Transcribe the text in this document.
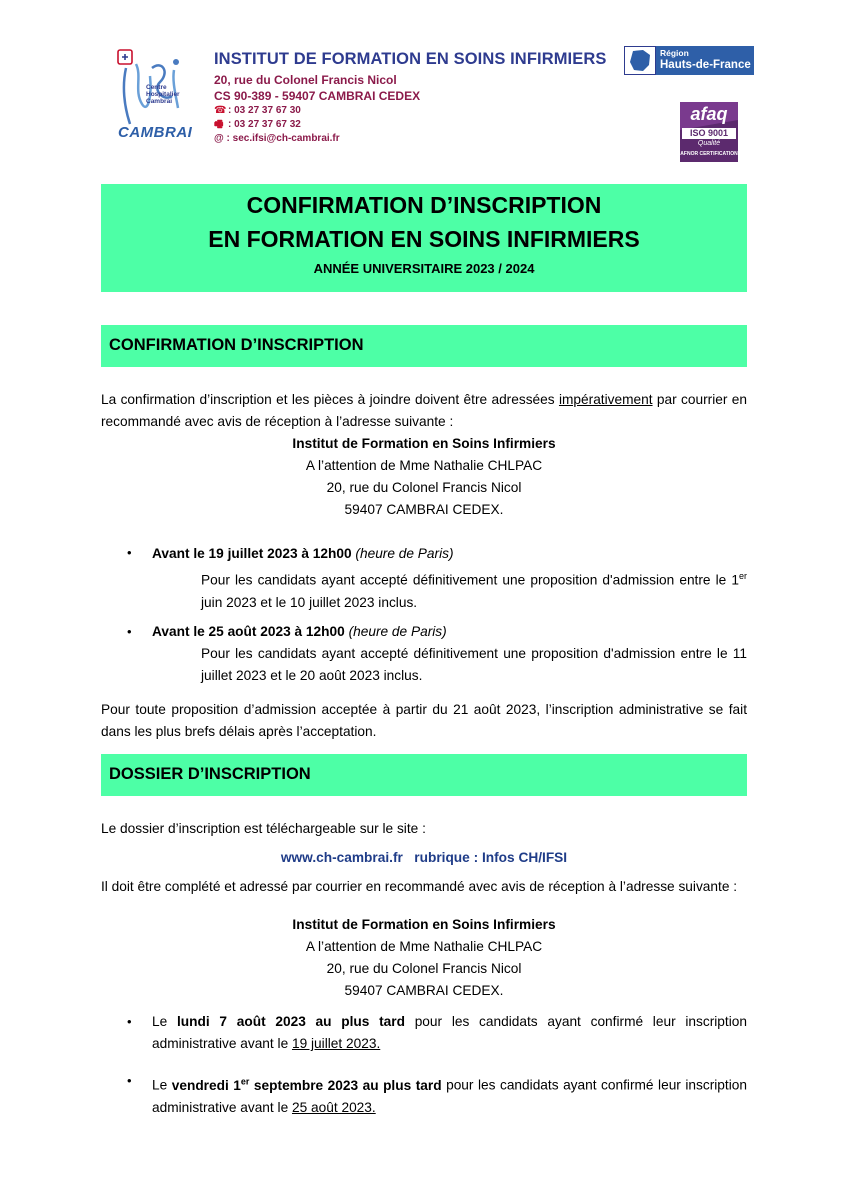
Centre Hospitalier Cambrai
CAMBRAI
INSTITUT DE FORMATION EN SOINS INFIRMIERS
20, rue du Colonel Francis Nicol
CS 90-389 - 59407 CAMBRAI CEDEX
☎ : 03 27 37 67 30
🖷 : 03 27 37 67 32
@ : sec.ifsi@ch-cambrai.fr
Région
Hauts-de-France
afaq
ISO 9001
Qualité
AFNOR CERTIFICATION
CONFIRMATION D’INSCRIPTION
EN FORMATION EN SOINS INFIRMIERS
ANNÉE UNIVERSITAIRE 2023 / 2024
CONFIRMATION D’INSCRIPTION
La confirmation d’inscription et les pièces à joindre doivent être adressées impérativement par courrier en recommandé avec avis de réception à l’adresse suivante :
Institut de Formation en Soins Infirmiers
A l’attention de Mme Nathalie CHLPAC
20, rue du Colonel Francis Nicol
59407 CAMBRAI CEDEX.
• Avant le 19 juillet 2023 à 12h00 (heure de Paris)
Pour les candidats ayant accepté définitivement une proposition d'admission entre le 1er juin 2023 et le 10 juillet 2023 inclus.
• Avant le 25 août 2023 à 12h00 (heure de Paris)
Pour les candidats ayant accepté définitivement une proposition d'admission entre le 11 juillet 2023 et le 20 août 2023 inclus.
Pour toute proposition d’admission acceptée à partir du 21 août 2023, l’inscription administrative se fait dans les plus brefs délais après l’acceptation.
DOSSIER D’INSCRIPTION
Le dossier d’inscription est téléchargeable sur le site :
www.ch-cambrai.fr rubrique : Infos CH/IFSI
Il doit être complété et adressé par courrier en recommandé avec avis de réception à l’adresse suivante :
Institut de Formation en Soins Infirmiers
A l’attention de Mme Nathalie CHLPAC
20, rue du Colonel Francis Nicol
59407 CAMBRAI CEDEX.
• Le lundi 7 août 2023 au plus tard pour les candidats ayant confirmé leur inscription administrative avant le 19 juillet 2023.
• Le vendredi 1er septembre 2023 au plus tard pour les candidats ayant confirmé leur inscription administrative avant le 25 août 2023.
